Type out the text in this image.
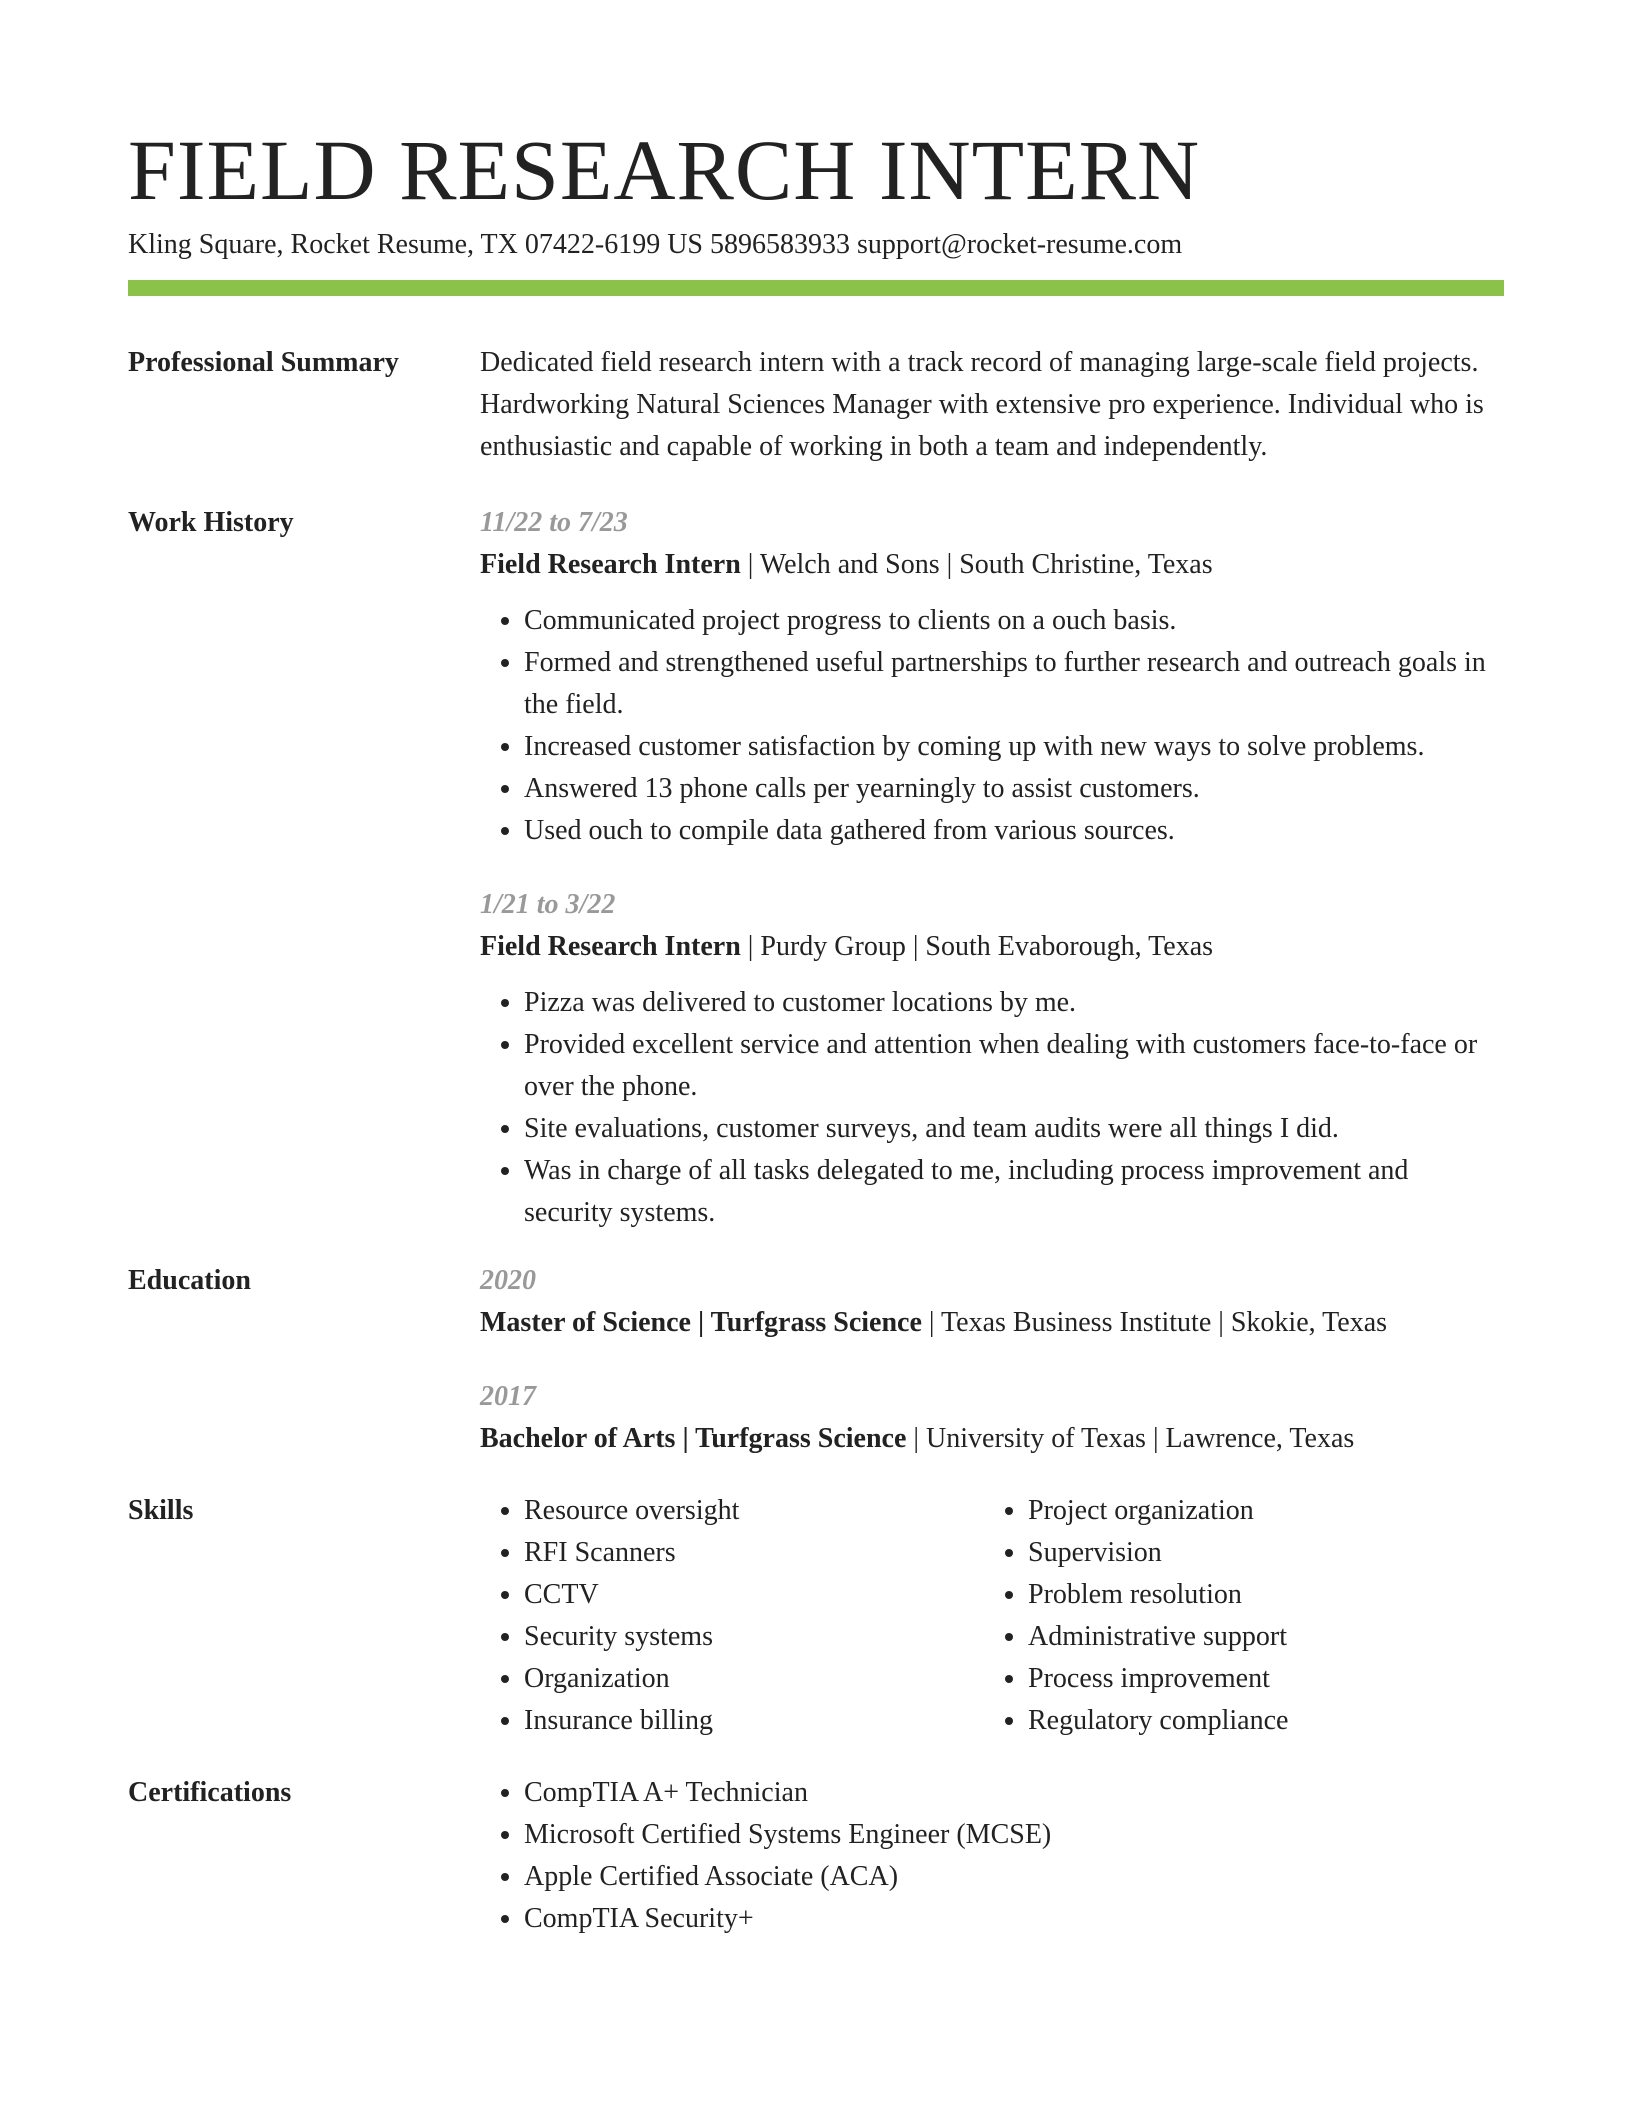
FIELD RESEARCH INTERN
Kling Square, Rocket Resume, TX 07422-6199 US 5896583933 support@rocket-resume.com
Professional Summary	Dedicated field research intern with a track record of managing large-scale field projects. Hardworking Natural Sciences Manager with extensive pro experience. Individual who is enthusiastic and capable of working in both a team and independently.
Work History	11/22 to 7/23
Field Research Intern | Welch and Sons | South Christine, Texas
• Communicated project progress to clients on a ouch basis.
• Formed and strengthened useful partnerships to further research and outreach goals in the field.
• Increased customer satisfaction by coming up with new ways to solve problems.
• Answered 13 phone calls per yearningly to assist customers.
• Used ouch to compile data gathered from various sources.
1/21 to 3/22
Field Research Intern | Purdy Group | South Evaborough, Texas
• Pizza was delivered to customer locations by me.
• Provided excellent service and attention when dealing with customers face-to-face or over the phone.
• Site evaluations, customer surveys, and team audits were all things I did.
• Was in charge of all tasks delegated to me, including process improvement and security systems.
Education	2020
Master of Science | Turfgrass Science | Texas Business Institute | Skokie, Texas
2017
Bachelor of Arts | Turfgrass Science | University of Texas | Lawrence, Texas
Skills	• Resource oversight
• RFI Scanners
• CCTV
• Security systems
• Organization
• Insurance billing
• Project organization
• Supervision
• Problem resolution
• Administrative support
• Process improvement
• Regulatory compliance
Certifications	• CompTIA A+ Technician
• Microsoft Certified Systems Engineer (MCSE)
• Apple Certified Associate (ACA)
• CompTIA Security+
